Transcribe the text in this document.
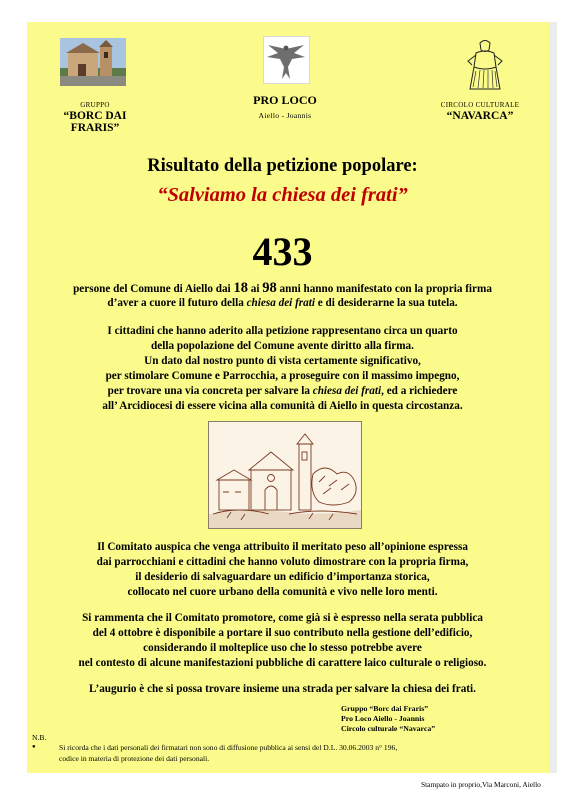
GRUPPO
“BORC DAI FRARIS”
PRO LOCO
Aiello - Joannis
CIRCOLO CULTURALE
“NAVARCA”
Risultato della petizione popolare:
“Salviamo la chiesa dei frati”
433
persone del Comune di Aiello dai 18 ai 98 anni hanno manifestato con la propria firma
d’aver a cuore il futuro della chiesa dei frati e di desiderarne la sua tutela.
I cittadini che hanno aderito alla petizione rappresentano circa un quarto
della popolazione del Comune avente diritto alla firma.
Un dato dal nostro punto di vista certamente significativo,
per stimolare Comune e Parrocchia, a proseguire con il massimo impegno,
per trovare una via concreta per salvare la chiesa dei frati, ed a richiedere
all’ Arcidiocesi di essere vicina alla comunità di Aiello in questa circostanza.
Il Comitato auspica che venga attribuito il meritato peso all’opinione espressa
dai parrocchiani e cittadini che hanno voluto dimostrare con la propria firma,
il desiderio di salvaguardare un edificio d’importanza storica,
collocato nel cuore urbano della comunità e vivo nelle loro menti.
Si rammenta che il Comitato promotore, come già si è espresso nella serata pubblica
del 4 ottobre è disponibile a portare il suo contributo nella gestione dell’edificio,
considerando il molteplice uso che lo stesso potrebbe avere
nel contesto di alcune manifestazioni pubbliche di carattere laico culturale o religioso.
L’augurio è che si possa trovare insieme una strada per salvare la chiesa dei frati.
Gruppo “Borc dai Fraris”
Pro Loco Aiello - Joannis
Circolo culturale “Navarca”
N.B.
●	Si ricorda che i dati personali dei firmatari non sono di diffusione pubblica ai sensi del D.L. 30.06.2003 n° 196,
codice in materia di protezione dei dati personali.
Stampato in proprio,Via Marconi, Aiello
